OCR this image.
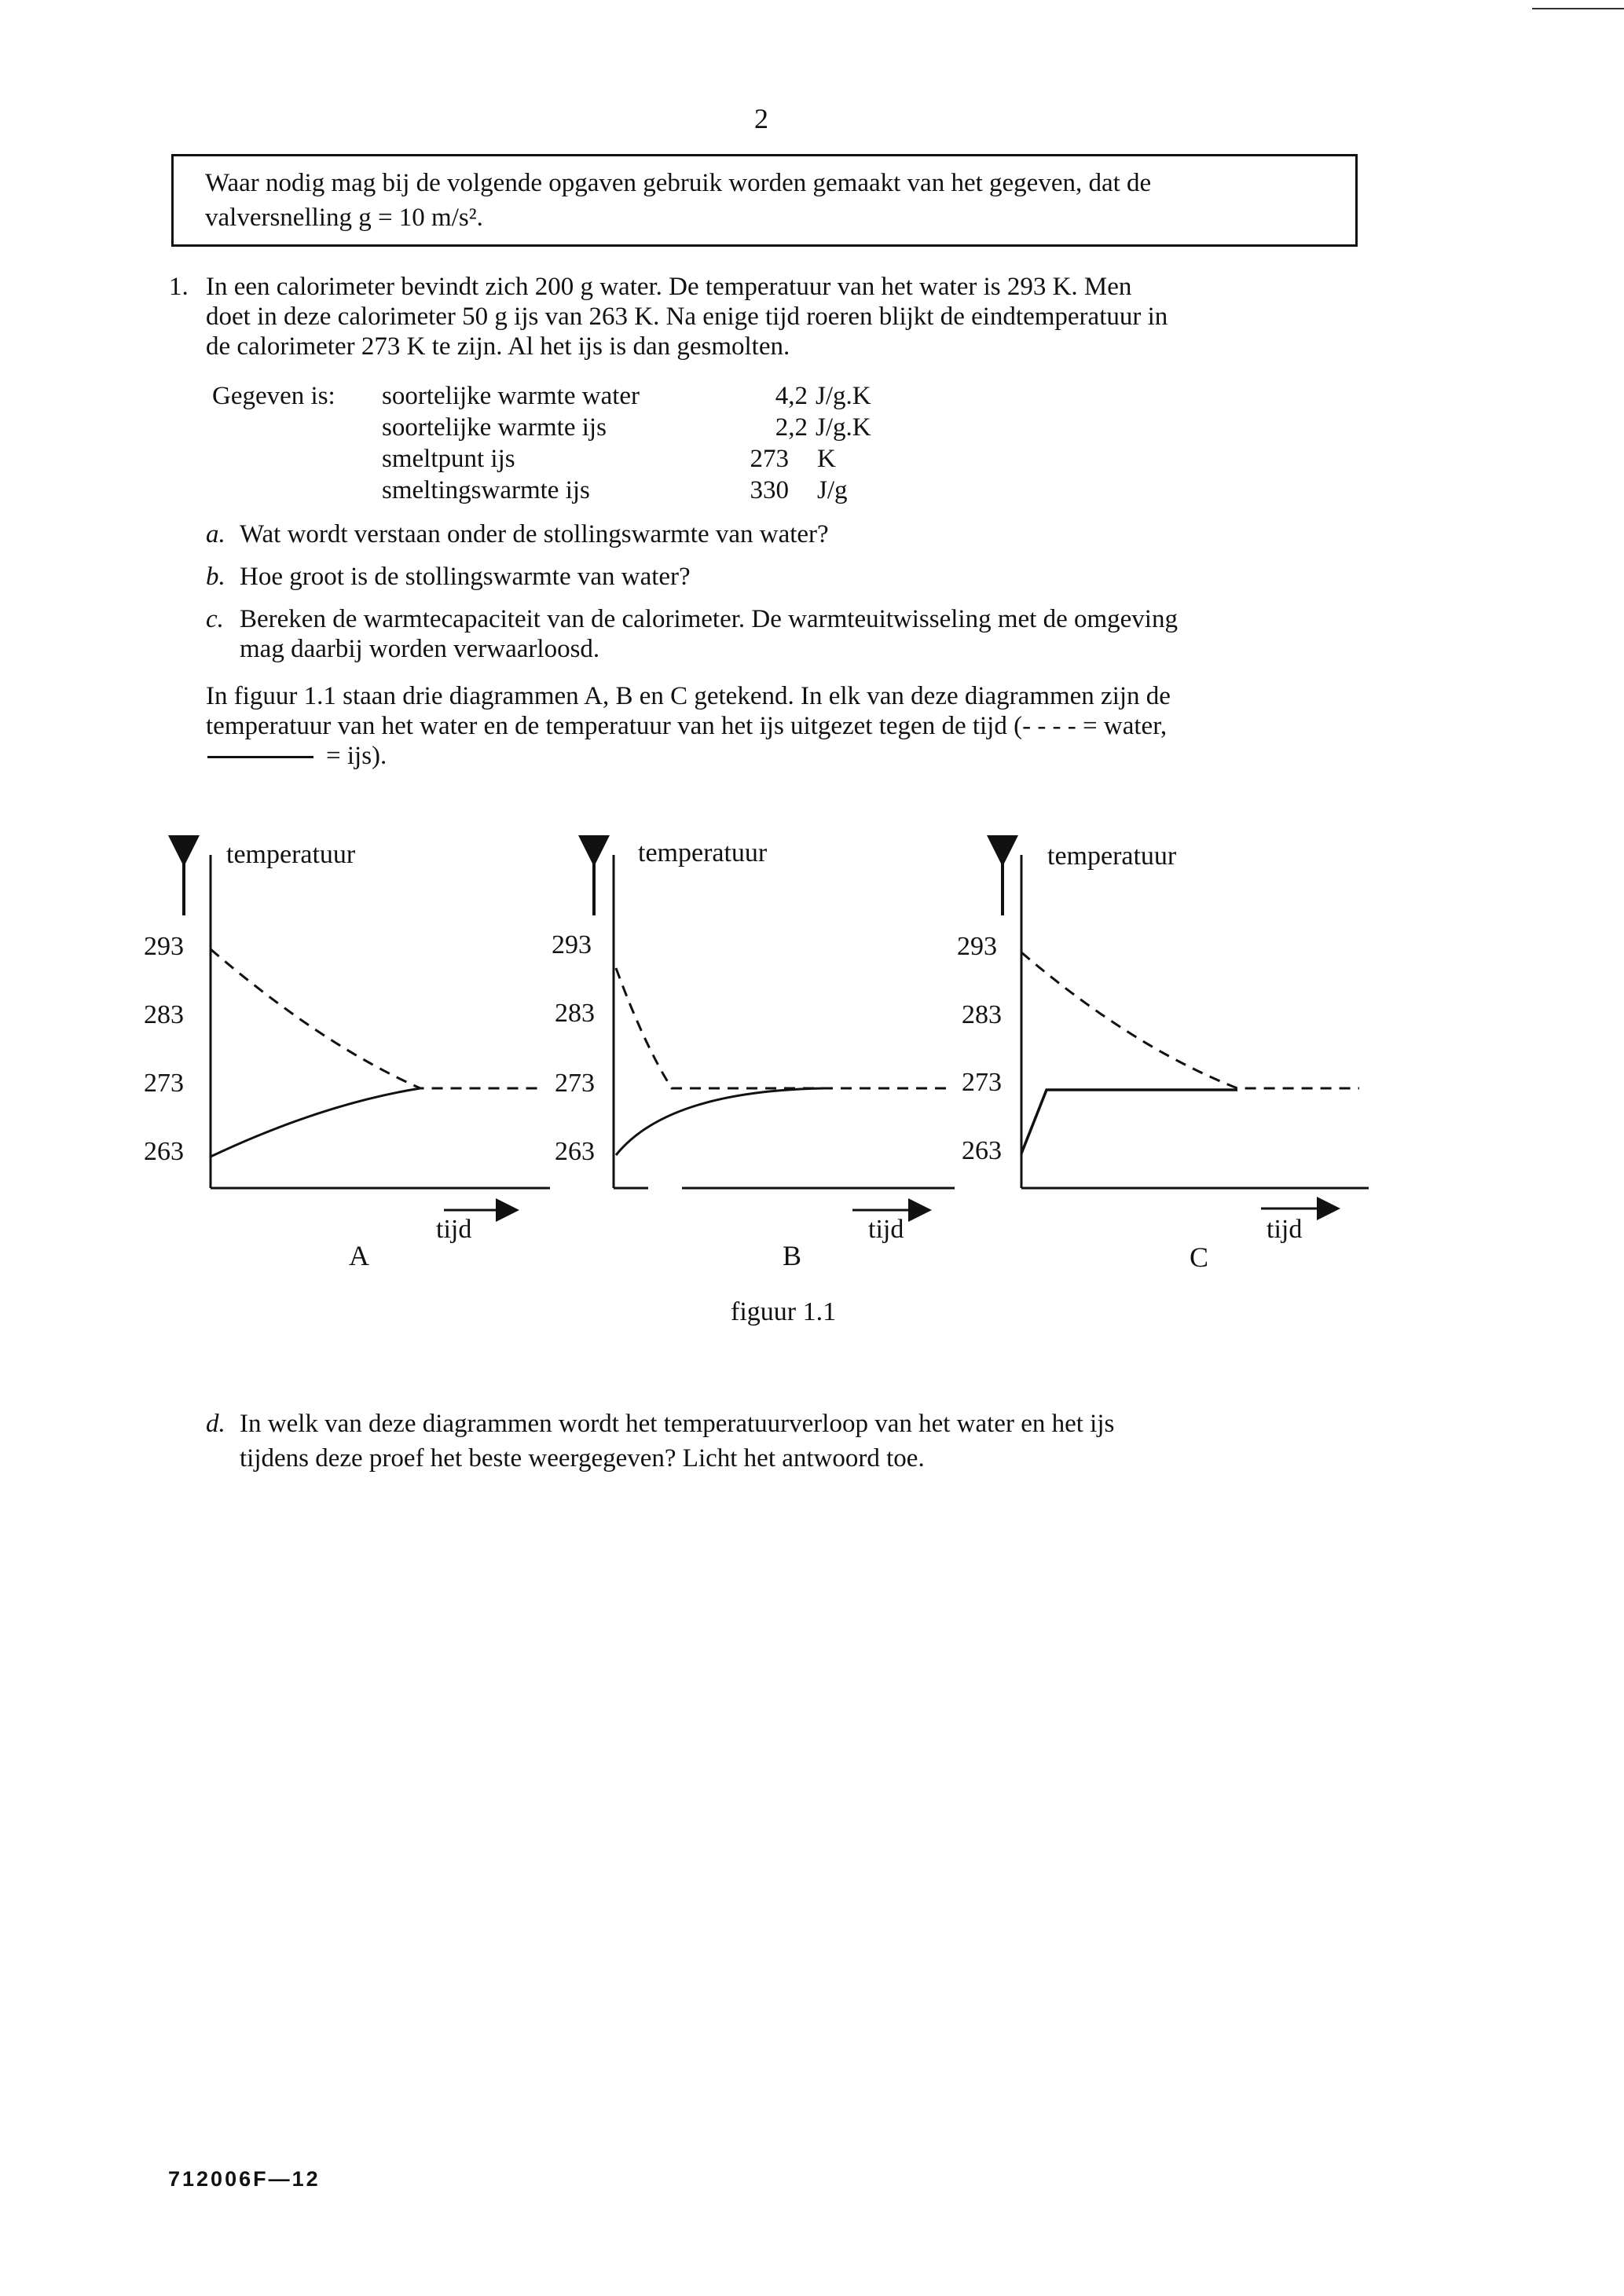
2
Waar nodig mag bij de volgende opgaven gebruik worden gemaakt van het gegeven, dat de
valversnelling g = 10 m/s².
1. In een calorimeter bevindt zich 200 g water. De temperatuur van het water is 293 K. Men
doet in deze calorimeter 50 g ijs van 263 K. Na enige tijd roeren blijkt de eindtemperatuur in
de calorimeter 273 K te zijn. Al het ijs is dan gesmolten.
Gegeven is: soortelijke warmte water	4,2 J/g.K
soortelijke warmte ijs	2,2 J/g.K
smeltpunt ijs	273 K
smeltingswarmte ijs	330 J/g
a. Wat wordt verstaan onder de stollingswarmte van water?
b. Hoe groot is de stollingswarmte van water?
c. Bereken de warmtecapaciteit van de calorimeter. De warmteuitwisseling met de omgeving
mag daarbij worden verwaarloosd.
In figuur 1.1 staan drie diagrammen A, B en C getekend. In elk van deze diagrammen zijn de
temperatuur van het water en de temperatuur van het ijs uitgezet tegen de tijd (- - - - = water,
= ijs).
temperatuur
293
283
273
263
tijd
A
temperatuur
293
283
273
263
tijd
B
temperatuur
293
283
273
263
tijd
C
figuur 1.1
d. In welk van deze diagrammen wordt het temperatuurverloop van het water en het ijs
tijdens deze proef het beste weergegeven? Licht het antwoord toe.
712006F—12
